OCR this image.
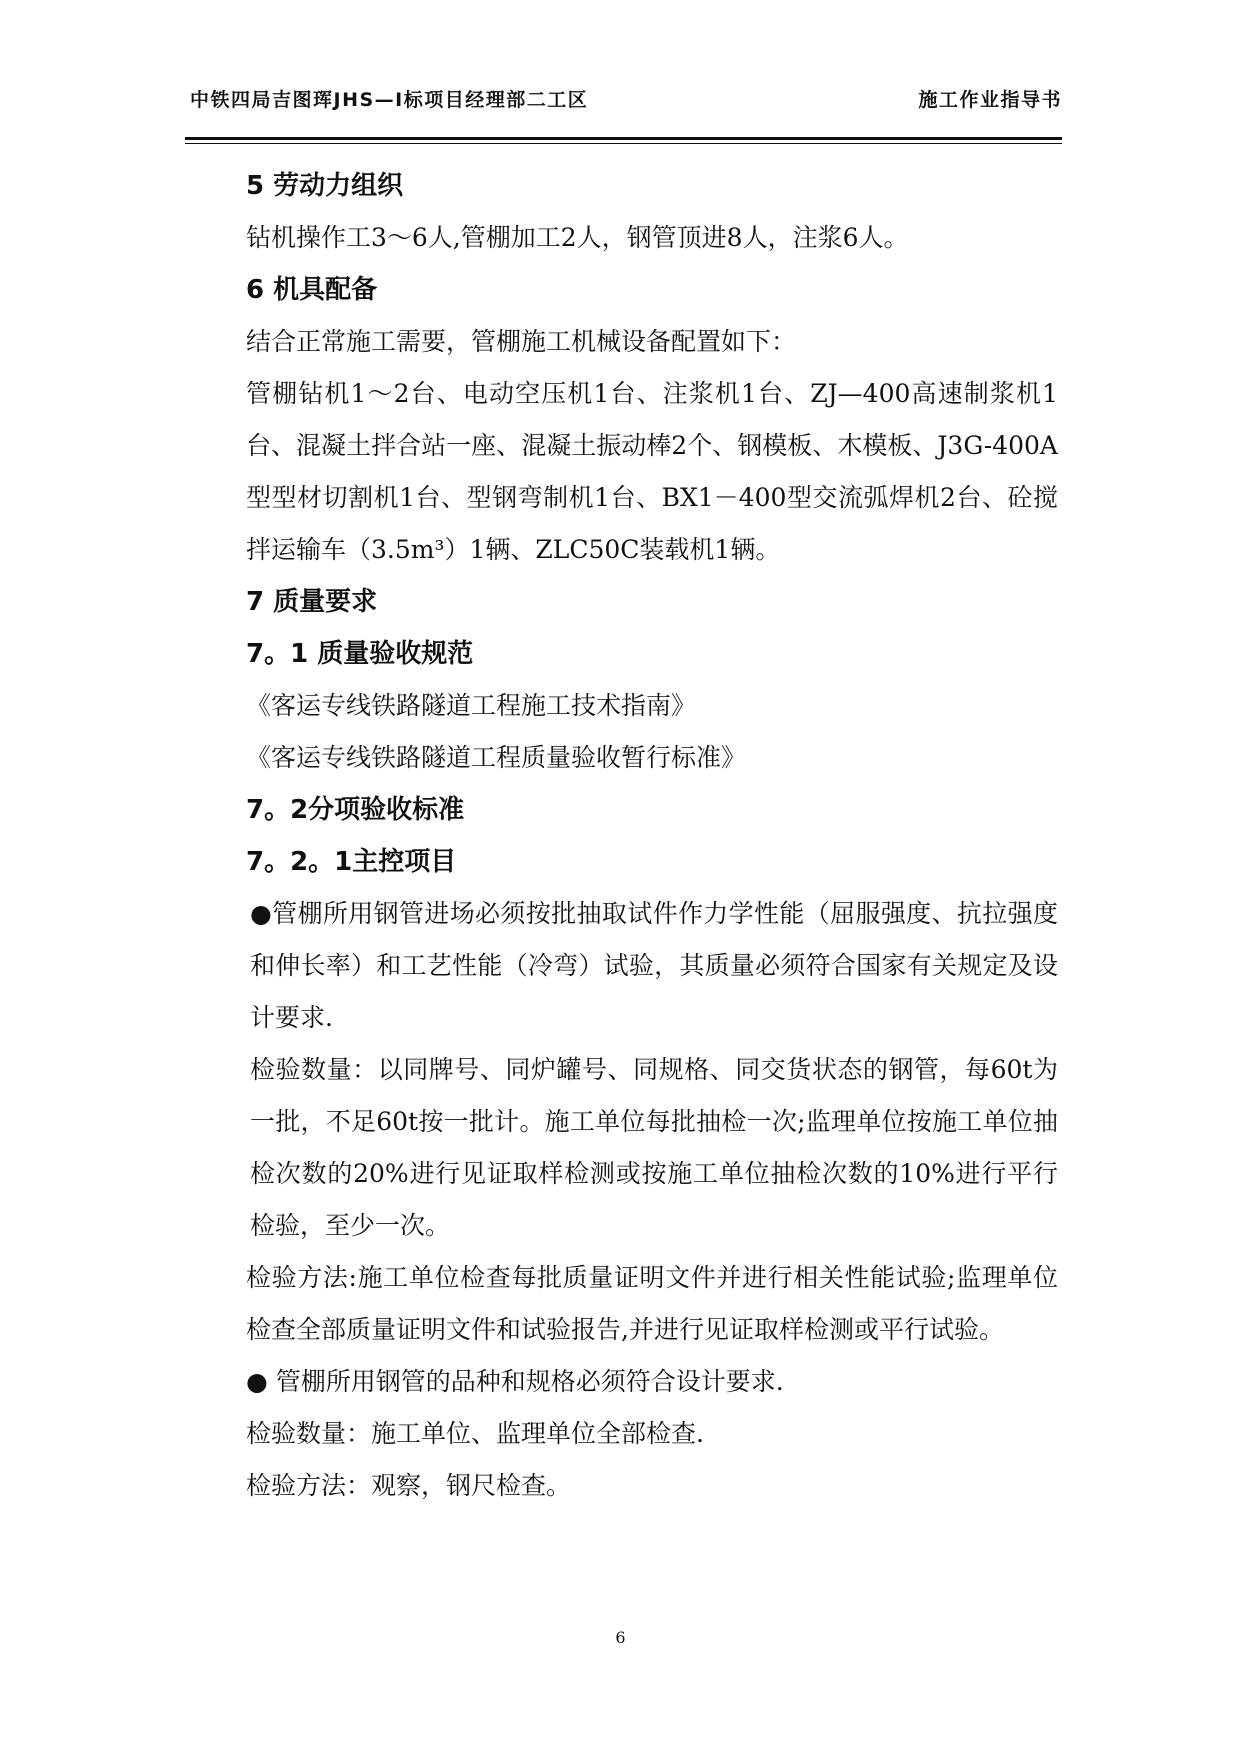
中铁四局吉图珲JHS—Ⅰ标项目经理部二工区	施工作业指导书

5 劳动力组织

钻机操作工3～6人,管棚加工2人，钢管顶进8人，注浆6人。

6 机具配备

结合正常施工需要，管棚施工机械设备配置如下：

管棚钻机1～2台、电动空压机1台、注浆机1台、ZJ—400高速制浆机1台、混凝土拌合站一座、混凝土振动棒2个、钢模板、木模板、J3G-400A型型材切割机1台、型钢弯制机1台、BX1－400型交流弧焊机2台、砼搅拌运输车（3.5m³）1辆、ZLC50C装载机1辆。

7 质量要求

7。1 质量验收规范

《客运专线铁路隧道工程施工技术指南》

《客运专线铁路隧道工程质量验收暂行标准》

7。2分项验收标准

7。2。1主控项目

●管棚所用钢管进场必须按批抽取试件作力学性能（屈服强度、抗拉强度和伸长率）和工艺性能（冷弯）试验，其质量必须符合国家有关规定及设计要求.

检验数量：以同牌号、同炉罐号、同规格、同交货状态的钢管，每60t为一批，不足60t按一批计。施工单位每批抽检一次;监理单位按施工单位抽检次数的20%进行见证取样检测或按施工单位抽检次数的10%进行平行检验，至少一次。

检验方法:施工单位检查每批质量证明文件并进行相关性能试验;监理单位检查全部质量证明文件和试验报告,并进行见证取样检测或平行试验。

● 管棚所用钢管的品种和规格必须符合设计要求.

检验数量：施工单位、监理单位全部检查.

检验方法：观察，钢尺检查。

6
